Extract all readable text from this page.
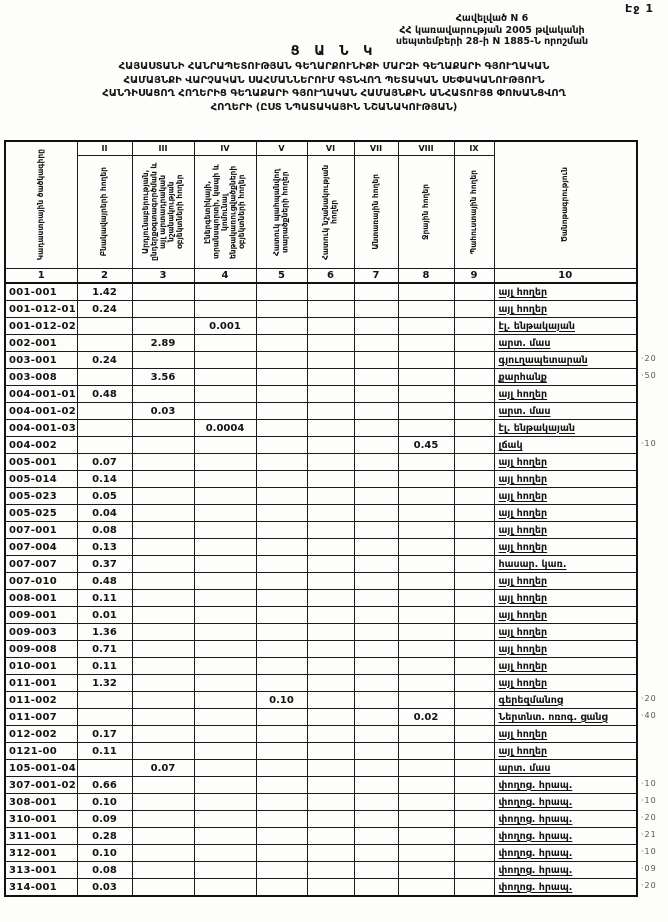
Էջ 1
Հավելված N 6
ՀՀ կառավարության 2005 թվականի
սեպտեմբերի 28-ի N 1885-Ն որոշման
Ց Ա Ն Կ
ՀԱՅԱՍՏԱՆԻ ՀԱՆՐԱՊԵՏՈՒԹՅԱՆ ԳԵՂԱՐՔՈՒՆԻՔԻ ՄԱՐԶԻ ԳԵՂԱՔԱՐԻ ԳՅՈՒՂԱԿԱՆ
ՀԱՄԱՅՆՔԻ ՎԱՐՉԱԿԱՆ ՍԱՀՄԱՆՆԵՐՈՒՄ ԳՏՆՎՈՂ ՊԵՏԱԿԱՆ ՍԵՓԱԿԱՆՈՒԹՅՈՒՆ
ՀԱՆԴԻՍԱՑՈՂ ՀՈՂԵՐԻՑ ԳԵՂԱՔԱՐԻ ԳՅՈՒՂԱԿԱՆ ՀԱՄԱՅՆՔԻՆ ԱՆՀԱՏՈՒՅՑ ՓՈԽԱՆՑՎՈՂ
ՀՈՂԵՐԻ (ԸՍՏ ՆՊԱՏԱԿԱՅԻՆ ՆՇԱՆԱԿՈՒԹՅԱՆ)
Կադաստրային ծածկագիրը	II	III	IV	V	VI	VII	VIII	IX	Ծանոթագրություն

	Բնակավայրերի հողեր	Արդյունաբերության, ընդերքօգտագործման և այլ արտադրական նշանակության օբյեկտների հողեր	Էներգետիկայի, տրանսպորտի, կապի և կոմունալ ենթակառուցվածքների օբյեկտների հողեր	Հատուկ պահպանվող տարածքների հողեր	Հատուկ նշանակության հողեր	Անտառային հողեր	Ջրային հողեր	Պահուստային հողեր	

1	2	3	4	5	6	7	8	9	10
001-001	1.42								այլ հողեր
001-012-01	0.24								այլ հողեր
001-012-02			0.001						էլ. ենթակայան
002-001		2.89							արտ. մաս
003-001	0.24								գյուղապետարան
003-008		3.56							քարհանք
004-001-01	0.48								այլ հողեր
004-001-02		0.03							արտ. մաս
004-001-03			0.0004						էլ. ենթակայան
004-002							0.45		լճակ
005-001	0.07								այլ հողեր
005-014	0.14								այլ հողեր
005-023	0.05								այլ հողեր
005-025	0.04								այլ հողեր
007-001	0.08								այլ հողեր
007-004	0.13								այլ հողեր
007-007	0.37								հասար. կառ.
007-010	0.48								այլ հողեր
008-001	0.11								այլ հողեր
009-001	0.01								այլ հողեր
009-003	1.36								այլ հողեր
009-008	0.71								այլ հողեր
010-001	0.11								այլ հողեր
011-001	1.32								այլ հողեր
011-002				0.10					գերեզմանոց
011-007							0.02		Ներտնտ. ոռոգ. ցանց
012-002	0.17								այլ հողեր
0121-00	0.11								այլ հողեր
105-001-04		0.07							արտ. մաս
307-001-02	0.66								փողոց. հրապ.
308-001	0.10								փողոց. հրապ.
310-001	0.09								փողոց. հրապ.
311-001	0.28								փողոց. հրապ.
312-001	0.10								փողոց. հրապ.
313-001	0.08								փողոց. հրապ.
314-001	0.03								փողոց. հրապ.
·20
·50
·10
·20
·40
·10
·10
·20
·21
·10
·09
·20
